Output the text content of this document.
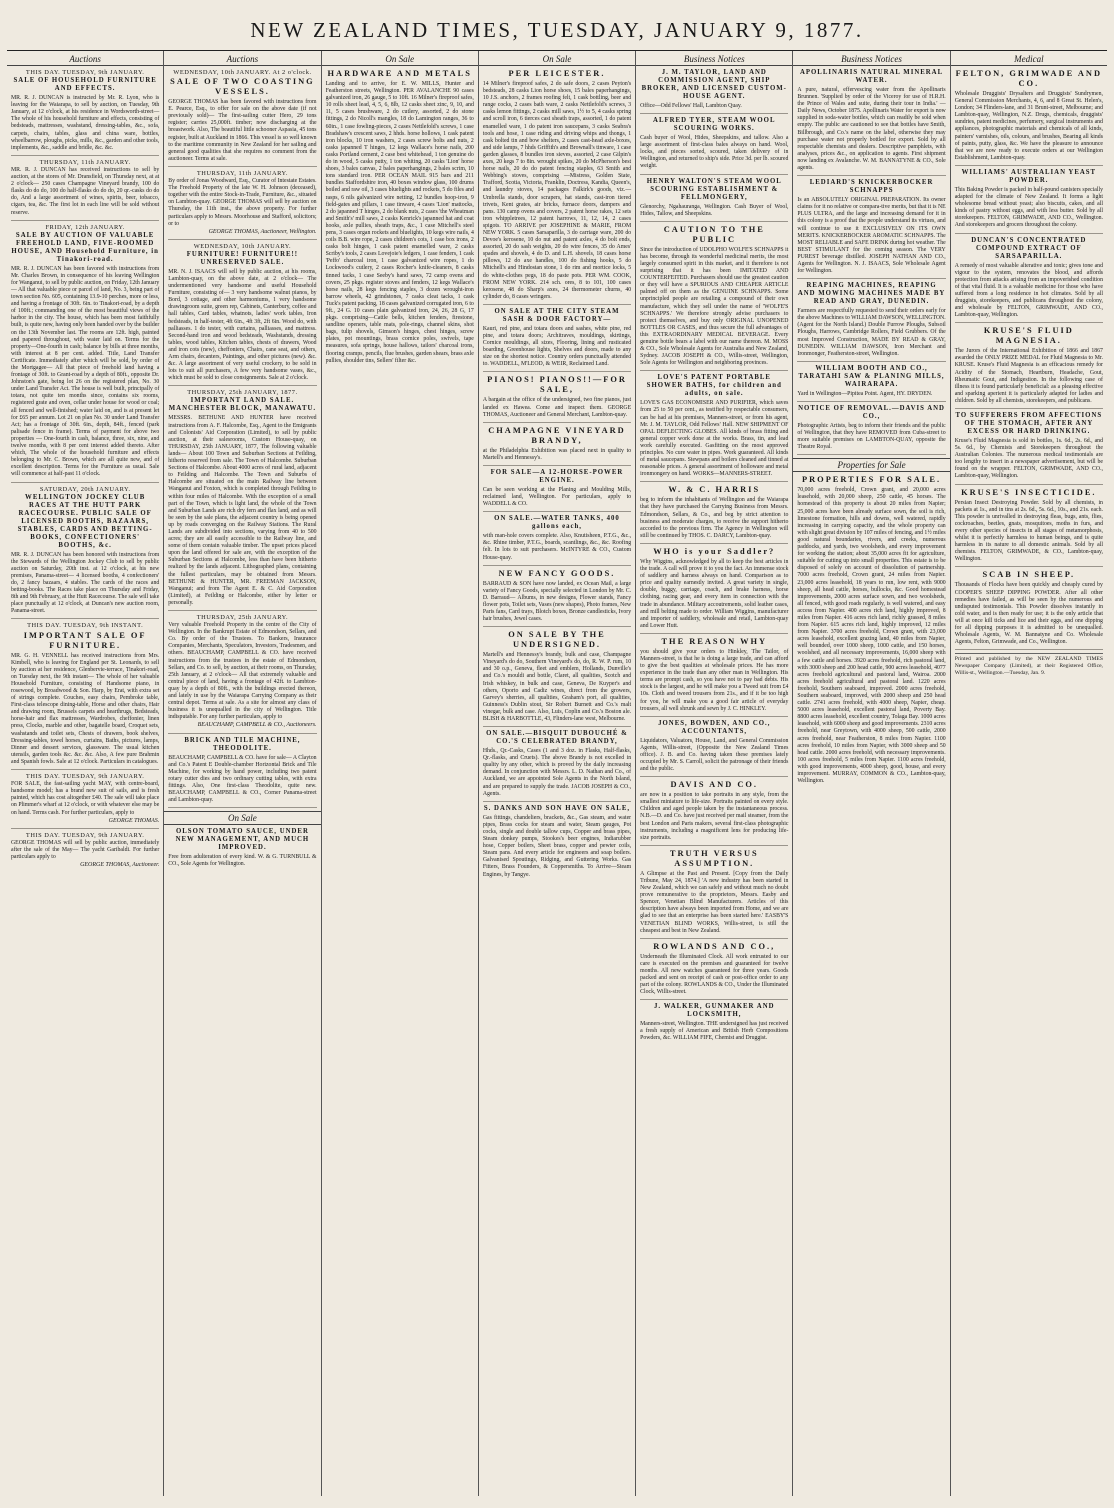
NEW ZEALAND TIMES, TUESDAY, JANUARY 9, 1877.
Auctions
THIS DAY. TUESDAY, 9th JANUARY.
SALE OF HOUSEHOLD FURNITURE AND EFFECTS.
MR. R. J. DUNCAN is instructed by Mr. R. Lyon, who is leaving for the Waiarapa, to sell by auction, on Tuesday, 9th January, at 12 o'clock, at his residence in Wordsworth-street— The whole of his household furniture and effects, consisting of bedsteads, mattresses, washstand, dressing-tables, &c., sofa, carpets, chairs, tables, glass and china ware, bottles, wheelbarrow, ploughs, picks, mills, &c., garden and other tools, implements, &c., saddle and bridle, &c. &c.
THURSDAY, 11th JANUARY.
MR. R. J. DUNCAN has received instructions to sell by auction, at the stores of Mr. Dransfield, on Thursday next, at at 2 o'clock— 250 cases Champagne Vineyard brandy, 100 do flasks do do do, 100 do half-flasks do do do, 20 qr.-casks do do do, And a large assortment of wines, spirits, beer, tobacco, cigars, tea, &c. The first lot in each line will be sold without reserve.
FRIDAY, 12th JANUARY.
SALE BY AUCTION OF VALUABLE FREEHOLD LAND, FIVE-ROOMED HOUSE, AND Household Furniture, in Tinakori-road.
MR. R. J. DUNCAN has been favored with instructions from Mr. Charles Brown, in consequence of his leaving Wellington for Wanganui, to sell by public auction, on Friday, 12th January— All that valuable piece or parcel of land, No. 3, being part of town section No. 605, containing 13.9-10 perches, more or less, and having a frontage of 30ft. 6in. to Tinakori-road, by a depth of 100ft.; commanding one of the most beautiful views of the harbor in the city. The house, which has been most faithfully built, is quite new, having only been handed over by the builder on the 13th November last. The rooms are 12ft. high, painted and papered throughout, with water laid on. Terms for the property—One-fourth in cash; balance by bills at three months, with interest at 8 per cent. added. Title, Land Transfer Certificate. Immediately after which will be sold, by order of the Mortgagee— All that piece of freehold land having a frontage of 30ft. to Grant-road by a depth of 80ft., opposite Dr. Johnston's gate, being lot 26 on the registered plan, No. 30 under Land Transfer Act. The house is well built, principally of totara, not quite ten months since, contains six rooms, registered grate and oven, cellar under house for wood or coal; all fenced and well-finished; water laid on, and is at present let for £65 per annum. Lot 21 on plan No. 30 under Land Transfer Act; has a frontage of 30ft. 6in., depth, 84ft., fenced (park palisade fence in frame). Terms of payment for above two properties — One-fourth in cash, balance, three, six, nine, and twelve months, with 8 per cent interest added thereto. After which, The whole of the household furniture and effects belonging to Mr. C. Brown, which are all quite new, and of excellent description. Terms for the Furniture as usual. Sale will commence at half-past 11 o'clock.
SATURDAY, 20th JANUARY.
WELLINGTON JOCKEY CLUB RACES AT THE HUTT PARK RACECOURSE. PUBLIC SALE OF LICENSED BOOTHS, BAZAARS, STABLES, CARDS AND BETTING-BOOKS, CONFECTIONERS' BOOTHS, &c.
MR. R. J. DUNCAN has been honored with instructions from the Stewards of the Wellington Jockey Club to sell by public auction on Saturday, 20th inst. at 12 o'clock, at his new premises, Panama-street— 4 licensed booths, 4 confectioners' do, 2 fancy bazaars, 4 stables. The cards of the races and betting-books. The Races take place on Thursday and Friday, 8th and 9th February, at the Hutt Racecourse. The sale will take place punctually at 12 o'clock, at Duncan's new auction room, Panama-street.
THIS DAY. TUESDAY, 9th INSTANT.
IMPORTANT SALE OF FURNITURE.
MR. G. H. VENNELL has received instructions from Mrs. Kimbell, who is leaving for England per St. Leonards, to sell by auction at her residence, Glenbervie-terrace, Tinakori-road, on Tuesday next, the 9th instant— The whole of her valuable Household Furniture, consisting of Handsome piano, in rosewood, by Broadwood & Son. Harp, by Erat, with extra set of strings complete. Couches, easy chairs, Pembroke table, First-class telescope dining-table, Horse and other chairs, Hair and drawing room, Brussels carpets and hearthrugs, Bedsteads, horse-hair and flax mattresses, Wardrobes, cheffonier, linen press, Clocks, marble and other, bagatelle board, Croquet sets, washstands and toilet sets, Chests of drawers, book shelves, Dressing-tables, towel horses, curtains, Baths, pictures, lamps, Dinner and dessert services, glassware. The usual kitchen utensils, garden tools &c. &c. &c. Also, A few pure Brahmin and Spanish fowls. Sale at 12 o'clock. Particulars in catalogues.
THIS DAY. TUESDAY, 9th JANUARY.
FOR SALE, the fast-sailing yacht MAY, with centre-board, handsome model; has a brand new suit of sails, and is fresh painted, which has cost altogether £40. The sale will take place on Plimmer's wharf at 12 o'clock, or with whatever else may be on hand. Terms cash. For further particulars, apply to
GEORGE THOMAS.
THIS DAY. TUESDAY, 9th JANUARY.
GEORGE THOMAS will sell by public auction, immediately after the sale of the May— The yacht Garibaldi. For further particulars apply to
GEORGE THOMAS, Auctioneer.
Auctions
WEDNESDAY, 10th JANUARY. At 2 o'clock.
SALE OF TWO COASTING VESSELS.
GEORGE THOMAS has been favored with instructions from E. Pearce, Esq., to offer for sale on the above date (if not previously sold)— The first-sailing cutter Hero, 29 tons register; carries 25,000ft. timber; now discharging at the breastwork. Also, The beautiful little schooner Aspasia, 45 tons register, built at Auckland in 1866. This vessel is so well known to the maritime community in New Zealand for her sailing and general good qualities that she requires no comment from the auctioneer. Terms at sale.
THURSDAY, 11th JANUARY.
By order of Jonas Woodward, Esq., Curator of Intestate Estates. The Freehold Property of the late W. H. Johnson (deceased), together with the entire Stock-in-Trade, Furniture, &c., situated on Lambton-quay. GEORGE THOMAS will sell by auction on Thursday, the 11th inst., the above property. For further particulars apply to Messrs. Moorhouse and Stafford, solicitors; or to
GEORGE THOMAS, Auctioneer, Wellington.
WEDNESDAY, 10th JANUARY.
FURNITURE! FURNITURE!! UNRESERVED SALE.
MR. N. J. ISAACS will sell by public auction, at his rooms, Lambton-quay, on the above date, at 2 o'clock— The undermentioned very handsome and useful Household Furniture, consisting of— 3 very handsome walnut pianos, by Bord, 3 cottage, and other harmoniums, 1 very handsome drawingroom suite, green rep, Cabinets, Canterbury, coffee and hall tables, Card tables, whatnots, ladies' work tables, Iron bedsteads, in half-tester, 4ft 6in., 4ft 3ft, 2ft 6in. Wood do, with palliasses. 1 do tester, with curtains, palliasses, and mattress. Second-hand iron and wood bedsteads, Washstands, dressing tables, wood tables, Kitchen tables, chests of drawers, Wood and iron cots (new), cheffoniers, Chairs, cane seat, and others, Arm chairs, decanters, Paintings, and other pictures (new). &c. &c. A large assortment of very useful crockery, to be sold in lots to suit all purchasers, A few very handsome vases, &c., which must be sold to close consignments. Sale at 2 o'clock.
THURSDAY, 25th JANUARY, 1877.
IMPORTANT LAND SALE. MANCHESTER BLOCK, MANAWATU.
MESSRS. BETHUNE AND HUNTER have received instructions from A. F. Halcombe, Esq., Agent to the Emigrants and Colonists' Aid Corporation (Limited), to sell by public auction, at their salesrooms, Custom House-quay, on THURSDAY, 25th JANUARY, 1877, The following valuable lands— About 100 Town and Suburban Sections at Feilding, hitherto reserved from sale. The Town of Halcombe. Suburban Sections of Halcombe. About 4000 acres of rural land, adjacent to Feilding and Halcombe. The Town and Suburbs of Halcombe are situated on the main Railway line between Wanganui and Foxton, which is completed through Feilding to within four miles of Halcombe. With the exception of a small part of the Town, which is light land, the whole of the Town and Suburban Lands are rich dry fern and flax land, and as will be seen by the sale plans, the adjacent country is being opened up by roads converging on the Railway Stations. The Rural Lands are subdivided into sections, varying from 40 to 500 acres; they are all easily accessible to the Railway line, and some of them contain valuable timber. The upset prices placed upon the land offered for sale are, with the exception of the Suburban Sections at Halcombe, less than have been hitherto realized by the lands adjacent. Lithographed plans, containing the fullest particulars, may be obtained from Messrs. BETHUNE & HUNTER, MR. FREEMAN JACKSON, Wanganui; and from The Agent E. & C. Aid Corporation (Limited), at Feilding or Halcombe, either by letter or personally.
THURSDAY, 25th JANUARY.
Very valuable Freehold Property in the centre of the City of Wellington. In the Bankrupt Estate of Edmondson, Sellars, and Co. By order of the Trustees. To Bankers, Insurance Companies, Merchants, Speculators, Investors, Tradesmen, and others. BEAUCHAMP, CAMPBELL & CO. have received instructions from the trustees in the estate of Edmondson, Sellars, and Co. to sell, by auction, at their rooms, on Thursday, 25th January, at 2 o'clock— All that extremely valuable and central piece of land, having a frontage of 42ft. to Lambton-quay by a depth of 80ft., with the buildings erected thereon, and lately in use by the Waiarapa Carrying Company as their central depot. Terms at sale. As a site for almost any class of business it is unequalled in the city of Wellington. Title indisputable. For any further particulars, apply to
BEAUCHAMP, CAMPBELL & CO., Auctioneers.
BRICK AND TILE MACHINE, THEODOLITE.
BEAUCHAMP, CAMPBELL & CO. have for sale— A Clayton and Co.'s Patent E Double-chamber Horizontal Brick and Tile Machine, for working by hand power, including two patent rotary cutter dies and two ordinary cutting tables, with extra fittings. Also, One first-class Theodolite, quite new. BEAUCHAMP, CAMPBELL & CO., Corner Panama-street and Lambton-quay.
On Sale
OLSON TOMATO SAUCE, UNDER NEW MANAGEMENT, AND MUCH IMPROVED.
Free from adulteration of every kind. W. & G. TURNBULL & CO., Sole Agents for Wellington.
On Sale
HARDWARE AND METALS
Landing and to arrive, for E. W. MILLS, Hunter and Featherston streets, Wellington. PER AVALANCHE 90 cases galvanized iron, 26 gauge, 5 to 10ft. 16 Milner's fireproof safes, 10 rolls sheet lead, 4, 5, 6, 8lb, 12 casks sheet zinc, 9, 10, and 11, 5 cases brushware, 2 do cutlery, assorted, 2 do stone fittings, 2 do Nicoll's mangles, 18 do Lamington ranges, 36 to 60in., 1 case fowling-pieces, 2 cases Nettlefold's screws, 1 case Bradshaw's crescent saws, 2 hhds. horse hollows, 1 cask patent iron blocks, 10 iron washers, 2 cases screw bolts and nuts, 2 casks japanned T hinges, 12 kegs Wallace's horse nails, 200 casks Portland cement, 2 case best whitehead, 1 ton genuine do do in wood, 5 casks putty, 1 ton whiting, 20 casks 'Lion' horse shoes, 3 bales canvas, 2 bales paperhangings, 2 bales scrim, 10 tons standard iron. PER OCEAN MAIL 915 bars and 211 bundles Staffordshire iron, 40 boxes window glass, 100 drums boiled and raw oil, 3 cases bluelights and rockets, 5 do files and rasps, 6 nils galvanized wire netting, 12 bundles hoop-iron, 9 field-gates and pillars, 1 case tinware, 4 cases 'Lion' mattocks, 2 do japanned T hinges, 2 do blank nuts, 2 cases 'the Wheatman and Smith's' mill saws, 2 casks Kenrick's japanned hat and coat hooks, axle pullies, sheath traps, &c., 1 case Mitchell's steel pens, 3 cases organ rockets and bluelights, 10 kegs wire nails, 4 coils B.B. wire rope, 2 cases children's cots, 1 case box irons, 2 casks bolt hinges, 1 cask patent enamelled ware, 2 casks Scriby's tools, 2 cases Lovejoie's ledgers, 1 case fenders, 1 cask 'Peffo' charcoal iron, 1 case galvanized wire ropes, 1 do Lockwood's cutlery, 2 cases Rocher's knife-cleaners, 8 casks tinned tacks, 1 case Seeby's hand saws, 72 camp ovens and covers, 25 pkgs. register stoves and fenders, 12 kegs Wallace's horse nails, 28 kegs fencing staples, 3 dozen wrought-iron barrow wheels, 42 grindstones, 7 casks cleat tacks, 1 cask Tuck's patent packing, 18 cases galvanized corrugated iron, 6 to 9ft., 24 G. 10 cases plain galvanized iron, 24, 26, 28 G, 17 pkgs. comprising—Cattle bells, kitchen fenders, firestone, sandline openers, table mats, pole-rings, channel skins, shot bags, tulip shovels, Gimson's hinges, chest hinges, screw plates, pot mountings, brass cornice poles, swivels, tape measures, sofa springs, house hallows, tailors' charcoal irons, flooring cramps, pencils, flue brushes, garden shears, brass axle pullies, shoulder tins, Sellers' filter &c.
On Sale
PER LEICESTER.
14 Milner's fireproof safes, 2 do safe doors, 2 cases Peyton's bedsteads, 28 casks Lion horse shoes, 15 bales paperhangings, 10 J.S. anchors, 2 frames roofing felt, 1 cask bottling, beer and range cocks, 2 cases bath ware, 2 casks Nettlefold's screws, 3 casks lemon fittings, 2 casks mill saws, 1½ to 5, 4 casks spring and scroll iron, 6 tierces cast sheath traps, assorted, 1 do patent enamelled ware, 1 do patent iron saucepans, 3 casks Seabra's tools and hose, 1 case riding and driving whips and thongs, 1 cask bolted tin and bow shelters, 2 cases cast-head axle-boxes, and side lamps, 7 hhds Griffith's and Brownall's tinware, 1 case garden glasses, 8 bundles iron sieves, assorted, 2 case Gilpin's axes, 20 kegs 7 to 8in. wrought spikes, 20 do McPherson's best horse nails, 20 do do patent fencing staples, 63 Smith and Webbing's stoves, comprising —Mistress, Golden State, Trafford, Scotia, Victoria, Franklin, Doctress, Kandia, Queen's, and laundry stoves, 14 packages Falkirk's goods, viz.—Umbrella stands, door scrapers, hat stands, cast-iron tiered trivets, Kent grates, air bricks, furnace doors, dampers and pans. 130 camp ovens and covers, 2 patent horse rakes, 12 sets iron whippletrees, 12 patent harrows, 11, 12, 14, 2 cases spigots. TO ARRIVE per JOSEPHINE & MARIE, FROM NEW YORK. 5 cases Sarsaparilla, 3 do carriage ware, 200 do Devoe's kerosene, 10 do nut and patent axles, 4 do bolt ends, assorted, 20 do sash weights, 20 do wire fences, 35 do Ames' spades and shovels, 4 do D. and L.H. shovels, 18 cases horse pillows, 12 do axe handles, 100 do fishing hooks, 5 do Mitchell's and Hindostan stone, 1 do rim and mortice locks, 5 do white-clothes pegs, 18 do paste pots. PER WM. COOK, FROM NEW YORK. 214 sch. ores, 8 to 101, 100 cases kerosene, 48 do Sharp's axes, 24 thermometer churns, 40 cylinder do, 8 cases wringers.
ON SALE AT THE CITY STEAM SASH & DOOR FACTORY—
Kauri, red pine, and totara doors and sashes, white pine, red pine, and totara doors; Architraves, mouldings, skirtings, Cornice mouldings, all sizes, Flooring, lining and rusticated boarding, Greenhouse lights, Shelves and doors, made to any size on the shortest notice. Country orders punctually attended to. WADDELL, M'LEOD, & WEIR, Reclaimed Land.
PIANOS! PIANOS!!—FOR SALE,
A bargain at the office of the undersigned, two fine pianos, just landed ex Hawea. Come and inspect them. GEORGE THOMAS, Auctioneer and General Merchant, Lambton-quay.
CHAMPAGNE VINEYARD BRANDY,
at the Philadelphia Exhibition was placed next in quality to Martell's and Hennessy's.
FOR SALE—A 12-HORSE-POWER ENGINE.
Can be seen working at the Planing and Moulding Mills, reclaimed land, Wellington. For particulars, apply to WADDELL & CO.
ON SALE.—WATER TANKS, 400 gallons each,
with man-hole covers complete. Also, Knutisheen, P.T.G., &c., &c. Rhine timber, P.T.G., boards, scantlings, &c., &c. Roofing felt. In lots to suit purchasers. McINTYRE & CO., Custom House-quay.
NEW FANCY GOODS.
BARRAUD & SON have now landed, ex Ocean Mail, a large variety of Fancy Goods, specially selected in London by Mr. C. D. Barraud— Albums, in new designs, Flower stands, Fancy flower pots, Toilet sets, Vases (new shapes), Photo frames, New Paris fans, Card trays, Blotch boxes, Bronze candlesticks, Ivory hair brushes, Jewel cases.
ON SALE BY THE UNDERSIGNED.
Martell's and Hennessy's brandy, bulk and case, Champagne Vineyard's do do, Southern Vineyard's do, do, R. W. P. rum, 10 and 30 o.p., Geneva, fleet and emblem, Hollands, Dunville's and Co.'s mouldi and bottle, Claret, all qualities, Scotch and Irish whiskey, in bulk and case, Geneva, De Kuyper's and others, Oporto and Cadiz wines, direct from the growers, Garvey's sherries, all qualities, Graham's port, all qualities, Guinness's Dublin stout, Sir Robert Burnett and Co.'s malt vinegar, bulk and case. Also, Luis, Coplin and Co.'s Boston ale. BLISH & HARBOTTLE, 43, Flinders-lane west, Melbourne.
ON SALE.—BISQUIT DUBOUCHÉ & CO.'S CELEBRATED BRANDY,
Hhds., Qr.-Casks, Cases (1 and 3 doz. in Flasks, Half-flasks, Qr.-flasks, and Cruets). The above Brandy is not excelled in quality by any other, which is proved by the daily increasing demand. In conjunction with Messrs. L. D. Nathan and Co., of Auckland, we are appointed Sole Agents in the North Island, and are prepared to supply the trade. JACOB JOSEPH & CO., Agents.
S. DANKS AND SON HAVE ON SALE,
Gas fittings, chandeliers, brackets, &c., Gas steam, and water pipes, Brass cocks for steam and water, Steam gauges, Pot cocks, single and double tallow cups, Copper and brass pipes, Steam donkey pumps, Stookes's beer engines, Indiarubber hose, Copper boilers, Sheet brass, copper and pewter coils, Steam pans. And every article for engineers and soap boilers. Galvanised Spoutings, Ridging, and Guttering Works. Gas Fitters, Brass Founders, & Coppersmiths. To Arrive—Steam Engines, by Tangye.
Business Notices
J. M. TAYLOR, LAND AND COMMISSION AGENT, SHIP BROKER, AND LICENSED CUSTOM-HOUSE AGENT.
Office—Odd Fellows' Hall, Lambton Quay.
ALFRED TYER, STEAM WOOL SCOURING WORKS.
Cash buyer of Wool, Hides, Sheepskins, and tallow. Also a large assortment of first-class bales always on hand. Wool, locks, and pieces sorted, scoured, taken delivery of in Wellington, and returned to ship's side. Price 3d. per lb. scoured weight.
HENRY WALTON'S STEAM WOOL SCOURING ESTABLISHMENT & FELLMONGERY,
Glenorchy, Ngahauranga, Wellington. Cash Buyer of Wool, Hides, Tallow, and Sheepskins.
CAUTION TO THE PUBLIC
Since the introduction of UDOLPHO WOLFE'S SCHNAPPS it has become, through its wonderful medicinal merits, the most largely consumed spirit in this market, and it therefore is not surprising that it has been IMITATED AND COUNTERFEITED. Purchasers should use the greatest caution or they will have a SPURIOUS AND CHEAPER ARTICLE palmed off on them as the GENUINE SCHNAPPS. Some unprincipled people are retailing a compound of their own manufacture, which they sell under the name of 'WOLFE'S SCHNAPPS.' We therefore strongly advise purchasers to protect themselves, and buy only ORIGINAL UNOPENED BOTTLES OR CASES, and thus secure the full advantages of this EXTRAORDINARY MEDICAL BEVERAGE. Every genuine bottle bears a label with our name thereon. M. MOSS & CO., Sole Wholesale Agents for Australia and New Zealand, Sydney. JACOB JOSEPH & CO., Willis-street, Wellington, Sole Agents for Wellington and neighboring provinces.
LOVE'S PATENT PORTABLE SHOWER BATHS, for children and adults, on sale.
LOVE'S GAS ECONOMISER AND PURIFIER, which saves from 25 to 50 per cent., as testified by respectable consumers, can be had at his premises, Manners-street, or from his agent, Mr. J. M. TAYLOR, Odd Fellows' Hall. NEW SHIPMENT OF OPAL DEFLECTING GLOBES. All kinds of brass fitting and general copper work done at the works. Brass, tin, and lead work carefully executed. Gasfitting on the most approved principles. No cure water in pipes. Work guaranteed. All kinds of metal saucepans. Stewpans and boilers cleaned and tinned at reasonable prices. A general assortment of holloware and metal ironmongery on hand. WORKS—MANNERS-STREET.
W. & C. HARRIS
beg to inform the inhabitants of Wellington and the Waiarapa that they have purchased the Carrying Business from Messrs. Edmondson, Sellars, & Co., and beg by strict attention to business and moderate charges, to receive the support hitherto accorded to the previous firm. The Agency in Wellington will still be continued by THOS. C. DARCY, Lambton-quay.
WHO is your Saddler?
Why Wiggins, acknowledged by all to keep the best articles in the trade. A call will prove it to you the fact. An immense stock of saddlery and harness always on hand. Comparison as to price and quality earnestly invited. A great variety in single, double, buggy, carriage, coach, and brake harness, horse clothing, racing gear, and every item in connection with the trade in abundance. Military accoutrements, solid leather cases, and mill belting made to order. William Wiggins, manufacturer and importer of saddlery, wholesale and retail, Lambton-quay and Lower Hutt.
THE REASON WHY
you should give your orders to Hinkley, The Tailor, of Manners-street, is that he is doing a large trade, and can afford to give the best qualities at wholesale prices. He has more experience in the trade than any other man in Wellington. His terms are prompt cash, so you have not to pay bad debts. His stock is the largest, and he will make you a Tweed suit from £4 10s. Cloth and tweed trousers from 21s., and if it be too high for you, he will make you a good fair article of everyday trousers, all well shrunk and sewn by J. C. HINKLEY.
JONES, BOWDEN, AND CO., ACCOUNTANTS,
Liquidators, Valuators, House, Land, and General Commission Agents, Willis-street, (Opposite the New Zealand Times office). J. B. and Co. having taken these premises lately occupied by Mr. S. Carroll, solicit the patronage of their friends and the public.
DAVIS AND CO.
are now in a position to take portraits in any style, from the smallest miniature to life-size. Portraits painted on every style. Children and aged people taken by the instantaneous process. N.B.—D. and Co. have just received per mail steamer, from the best London and Paris makers, several first-class photographic instruments, including a magnificent lens for producing life-size portraits.
TRUTH VERSUS ASSUMPTION.
A Glimpse at the Past and Present. [Copy from the Daily Tribune, May 24, 1874.] 'A new industry has been started in New Zealand, which we can safely and without much no doubt prove remunerative to the proprietors, Messrs. Easby and Spencer, Venetian Blind Manufacturers. Articles of this description have always been imported from Home, and we are glad to see that an enterprise has been started here.' EASBY'S VENETIAN BLIND WORKS, Willis-street, is still the cheapest and best in New Zealand.
ROWLANDS AND CO.,
Underneath the Illuminated Clock. All work entrusted to our care is executed on the premises and guaranteed for twelve months. All new watches guaranteed for three years. Goods packed and sent on receipt of cash or post-office order to any part of the colony. ROWLANDS & CO., Under the Illuminated Clock, Willis-street.
J. WALKER, GUNMAKER AND LOCKSMITH,
Manners-street, Wellington. THE undersigned has just received a fresh supply of American and British Herb Compositions Powders, &c. WILLIAM FIFE, Chemist and Druggist.
Business Notices
APOLLINARIS NATURAL MINERAL WATER.
A pure, natural, effervescing water from the Apollinaris Brunnen. 'Supplied by order of the Viceroy for use of H.R.H. the Prince of Wales and suite, during their tour in India.' —Daily News, October 1875. Apollinaris Water for export is now supplied in soda-water bottles, which can readily be sold when empty. The public are cautioned to see that bottles have Smith, Billbrough, and Co.'s name on the label, otherwise they may purchase water not properly bottled for export. Sold by all respectable chemists and dealers. Descriptive pamphlets, with analyses, prices &c., on application to agents. First shipment now landing ex Avalanche. W. M. BANNATYNE & CO., Sole agents.
LEDIARD'S KNICKERBOCKER SCHNAPPS
Is an ABSOLUTELY ORIGINAL PREPARATION. Its owner claims for it no relative or compara-tive merits, but that it is NE PLUS ULTRA, and the large and increasing demand for it in this colony is a proof that the people understand its virtues, and will continue to use it EXCLUSIVELY ON ITS OWN MERITS. KNICKERBOCKER AROMATIC SCHNAPPS. The MOST RELIABLE and SAFE DRINK during hot weather. The BEST STIMULANT for the coming season. The VERY PUREST beverage distilled. JOSEPH NATHAN AND CO., Agents for Wellington. N. J. ISAACS, Sole Wholesale Agent for Wellington.
REAPING MACHINES, REAPING AND MOWING MACHINES MADE BY READ AND GRAY, DUNEDIN.
Farmers are respectfully requested to send their orders early for the above Machines to WILLIAM DAWSON, WELLINGTON. (Agent for the North Island.) Double Furrow Ploughs, Subsoil Ploughs, Harrows, Cambridge Rollers, Field Grubbers. Of the most Improved Construction, MADE BY READ & GRAY, DUNEDIN. WILLIAM DAWSON, Iron Merchant and Ironmonger, Featherston-street, Wellington.
WILLIAM BOOTH AND CO., TARATAHI SAW & PLANING MILLS, WAIRARAPA.
Yard in Wellington—Pipitea Point. Agent, HY. DRYDEN.
NOTICE OF REMOVAL.—DAVIS AND CO.,
Photographic Artists, beg to inform their friends and the public of Wellington, that they have REMOVED from Cuba-street to more suitable premises on LAMBTON-QUAY, opposite the Theatre Royal.
Properties for Sale
PROPERTIES FOR SALE.
70,000 acres freehold, Crown grant, and 20,000 acres leasehold, with 20,000 sheep, 250 cattle, 45 horses. The homestead of this property is about 20 miles from Napier; 25,000 acres have been already surface sown, the soil is rich, limestone formation, hills and downs, well watered, rapidly increasing in carrying capacity, and the whole property can with slight great division by 107 miles of fencing, and 1½ miles good natural boundaries, rivers, and creeks, numerous paddocks, and yards, two woolsheds, and every improvement for working the station; about 35,000 acres fit for agriculture, suitable for cutting up into small properties. This estate is to be disposed of solely on account of dissolution of partnership. 7000 acres freehold, Crown grant, 24 miles from Napier. 23,000 acres leasehold, 18 years to run, low rent, with 9000 sheep, all head cattle, horses, bullocks, &c. Good homestead improvements, 2000 acres surface sown, and two woolsheds, all fenced, with good roads regularly, is well watered, and easy access from Napier. 400 acres rich land, highly improved, 8 miles from Napier. 416 acres rich land, richly grassed, 8 miles from Napier. 615 acres rich land, highly improved, 12 miles from Napier. 3700 acres freehold, Crown grant, with 23,000 acres leasehold, excellent grazing land, 40 miles from Napier, well bounded, over 1000 sheep, 1000 cattle, and 150 horses, woolshed, and all necessary improvements, 16,000 sheep with a few cattle and horses. 3920 acres freehold, rich pastoral land, with 3000 sheep and 200 head cattle, 900 acres leasehold, 4077 acres freehold agricultural and pastoral land, Wairoa. 2000 acres freehold agricultural and pastoral land. 1220 acres freehold, Southern seaboard, improved. 2000 acres freehold, Southern seaboard, improved, with 2000 sheep and 250 head cattle. 2741 acres freehold, with 4000 sheep, Napier, cheap. 5000 acres leasehold, excellent pastoral land, Poverty Bay. 8800 acres leasehold, excellent country, Tolaga Bay. 1000 acres leasehold, with 6000 sheep and good improvements. 2310 acres freehold, near Greytown, with 4000 sheep, 500 cattle, 2000 acres freehold, near Featherston, 8 miles from Napier. 1100 acres freehold, 10 miles from Napier, with 3000 sheep and 50 head cattle. 2000 acres freehold, with necessary improvements. 100 acres freehold, 5 miles from Napier. 1100 acres freehold, with good improvements, 4000 sheep, good, house, and every improvement. MURRAY, COMMON & CO., Lambton-quay, Wellington.
Medical
FELTON, GRIMWADE AND CO.
Wholesale Druggists' Drysalters and Druggists' Sundrymen, General Commission Merchants, 4, 6, and 8 Great St. Helen's, London; 34 Flinders-lane, and 31 Brunt-street, Melbourne; and Lambton-quay, Wellington, N.Z. Drugs, chemicals, druggists' sundries, patent medicines, perfumery, surgical instruments and appliances, photographic materials and chemicals of all kinds, painters' varnishes, oils, colours, and brushes, Bearing all kinds of paints, putty, glass, &c. We have the pleasure to announce that we are now ready to execute orders at our Wellington Establishment, Lambton-quay.
WILLIAMS' AUSTRALIAN YEAST POWDER.
This Baking Powder is packed in half-pound canisters specially adapted for the climate of New Zealand. It forms a light wholesome bread without yeast; also biscuits, cakes, and all kinds of pastry without eggs, and with less butter. Sold by all storekeepers. FELTON, GRIMWADE, AND CO., Wellington. And storekeepers and grocers throughout the colony.
DUNCAN'S CONCENTRATED COMPOUND EXTRACT OF SARSAPARILLA.
A remedy of most valuable alterative and tonic; gives tone and vigour to the system, renovates the blood, and affords protection from attacks arising from an impoverished condition of that vital fluid. It is a valuable medicine for those who have suffered from a long residence in hot climates. Sold by all druggists, storekeepers, and publicans throughout the colony, and wholesale by FELTON, GRIMWADE, AND CO., Lambton-quay, Wellington.
KRUSE'S FLUID MAGNESIA.
The Jurors of the International Exhibition of 1866 and 1867 awarded the ONLY PRIZE MEDAL for Fluid Magnesia to Mr. KRUSE. Kruse's Fluid Magnesia is an efficacious remedy for Acidity of the Stomach, Heartburn, Headache, Gout, Rheumatic Gout, and Indigestion. In the following case of illness it is found particularly beneficial: as a pleasing effective and sparking aperient it is particularly adapted for ladies and children. Sold by all chemists, storekeepers, and publicans.
TO SUFFERERS FROM AFFECTIONS OF THE STOMACH, AFTER ANY EXCESS OR HARD DRINKING.
Kruse's Fluid Magnesia is sold in bottles, 1s. 6d., 2s. 6d., and 5s. 6d., by Chemists and Storekeepers throughout the Australian Colonies. The numerous medical testimonials are too lengthy to insert in a newspaper advertisement, but will be found on the wrapper. FELTON, GRIMWADE, AND CO., Lambton-quay, Wellington.
KRUSE'S INSECTICIDE.
Persian Insect Destroying Powder. Sold by all chemists, in packets at 1s., and in tins at 2s. 6d., 5s. 6d., 10s., and 21s. each. This powder is unrivalled in destroying fleas, bugs, ants, flies, cockroaches, beetles, gnats, mosquitoes, moths in furs, and every other species of insects in all stages of metamorphosis, whilst it is perfectly harmless to human beings, and is quite harmless in its nature to all domestic animals. Sold by all chemists. FELTON, GRIMWADE, & CO., Lambton-quay, Wellington.
SCAB IN SHEEP.
Thousands of Flocks have been quickly and cheaply cured by COOPER'S SHEEP DIPPING POWDER. After all other remedies have failed, as will be seen by the numerous and undisputed testimonials. This Powder dissolves instantly in cold water, and is then ready for use; it is the only article that will at once kill ticks and lice and their eggs, and one dipping for all dipping purposes it is admitted to be unequalled. Wholesale Agents, W. M. Bannatyne and Co. Wholesale Agents, Felton, Grimwade, and Co., Wellington.
Printed and published by the NEW ZEALAND TIMES Newspaper Company (Limited), at their Registered Office, Willis-st., Wellington.—Tuesday, Jan. 9.
